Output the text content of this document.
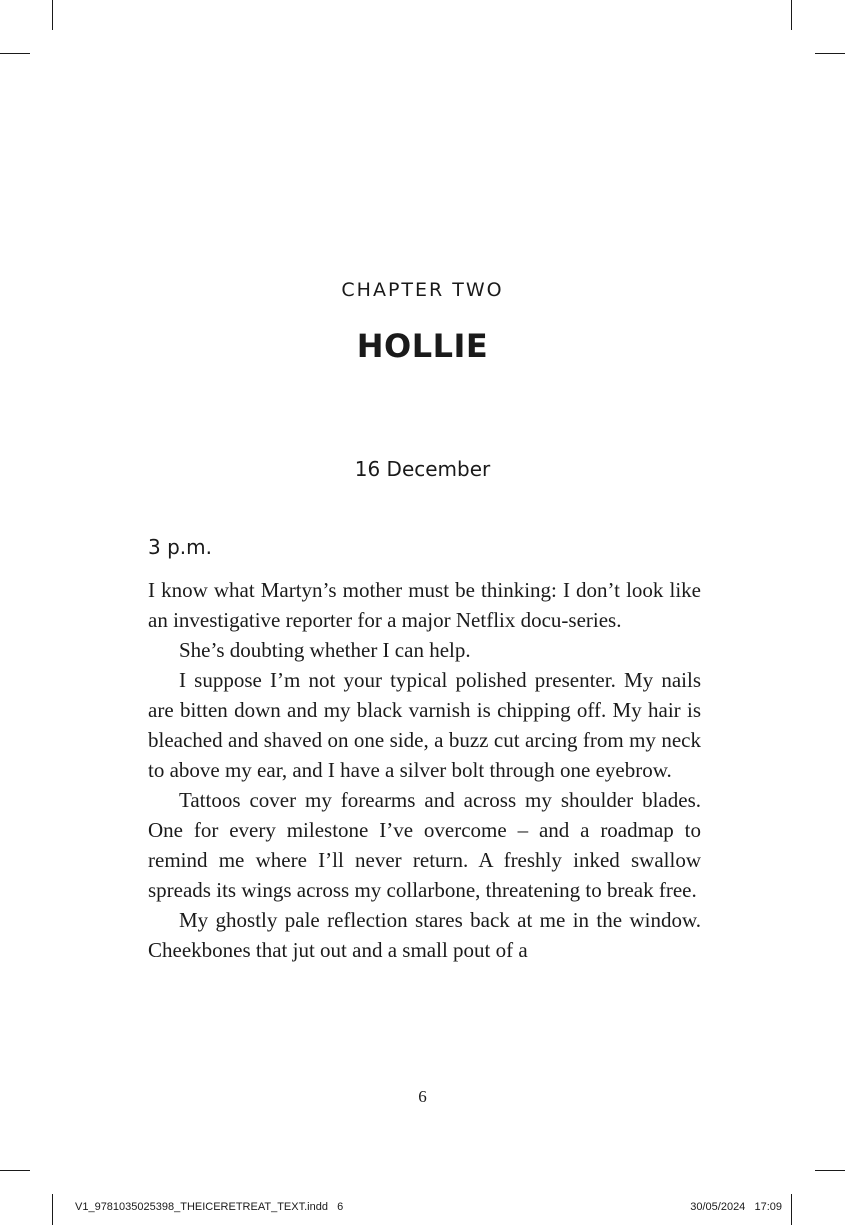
CHAPTER TWO
HOLLIE
16 December
3 p.m.

I know what Martyn’s mother must be thinking: I don’t look like an investigative reporter for a major Netflix docu-series.

She’s doubting whether I can help.

I suppose I’m not your typical polished presenter. My nails are bitten down and my black varnish is chipping off. My hair is bleached and shaved on one side, a buzz cut arcing from my neck to above my ear, and I have a silver bolt through one eyebrow.

Tattoos cover my forearms and across my shoulder blades. One for every milestone I’ve overcome – and a roadmap to remind me where I’ll never return. A freshly inked swallow spreads its wings across my collarbone, threatening to break free.

My ghostly pale reflection stares back at me in the window. Cheekbones that jut out and a small pout of a

6
V1_9781035025398_THEICERETREAT_TEXT.indd   6	30/05/2024   17:09
